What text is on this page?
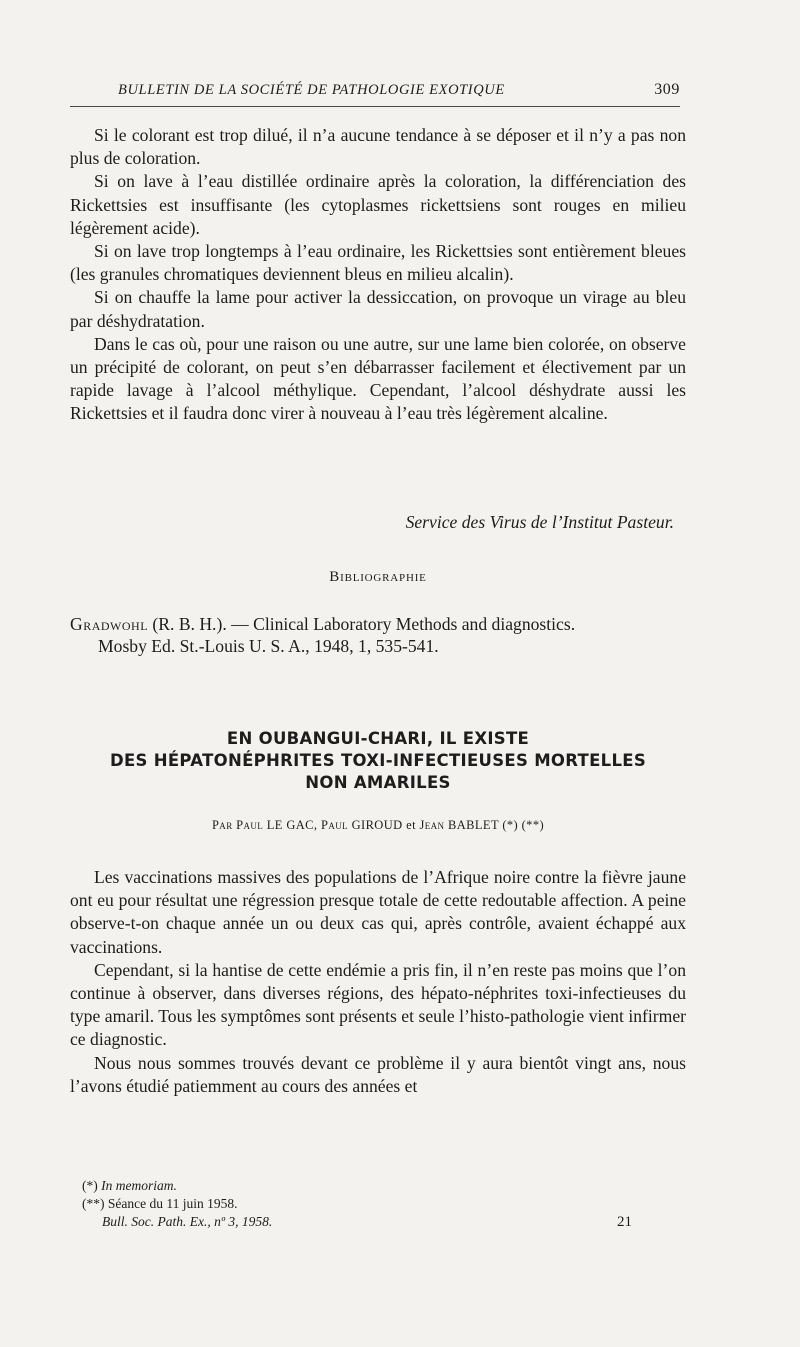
BULLETIN DE LA SOCIÉTÉ DE PATHOLOGIE EXOTIQUE	309

Si le colorant est trop dilué, il n’a aucune tendance à se déposer et il n’y a pas non plus de coloration.

Si on lave à l’eau distillée ordinaire après la coloration, la différenciation des Rickettsies est insuffisante (les cytoplasmes rickettsiens sont rouges en milieu légèrement acide).

Si on lave trop longtemps à l’eau ordinaire, les Rickettsies sont entièrement bleues (les granules chromatiques deviennent bleus en milieu alcalin).

Si on chauffe la lame pour activer la dessiccation, on provoque un virage au bleu par déshydratation.

Dans le cas où, pour une raison ou une autre, sur une lame bien colorée, on observe un précipité de colorant, on peut s’en débarrasser facilement et électivement par un rapide lavage à l’alcool méthylique. Cependant, l’alcool déshydrate aussi les Rickettsies et il faudra donc virer à nouveau à l’eau très légèrement alcaline.

Service des Virus de l’Institut Pasteur.
Bibliographie
Gradwohl (R. B. H.). — Clinical Laboratory Methods and diagnostics.
Mosby Ed. St.-Louis U. S. A., 1948, 1, 535-541.
EN OUBANGUI-CHARI, IL EXISTE
DES HÉPATONÉPHRITES TOXI-INFECTIEUSES MORTELLES
NON AMARILES
Par Paul LE GAC, Paul GIROUD et Jean BABLET (*) (**)

Les vaccinations massives des populations de l’Afrique noire contre la fièvre jaune ont eu pour résultat une régression presque totale de cette redoutable affection. A peine observe-t-on chaque année un ou deux cas qui, après contrôle, avaient échappé aux vaccinations.

Cependant, si la hantise de cette endémie a pris fin, il n’en reste pas moins que l’on continue à observer, dans diverses régions, des hépato-néphrites toxi-infectieuses du type amaril. Tous les symptômes sont présents et seule l’histo-pathologie vient infirmer ce diagnostic.

Nous nous sommes trouvés devant ce problème il y aura bientôt vingt ans, nous l’avons étudié patiemment au cours des années et

(*) In memoriam.
(**) Séance du 11 juin 1958.
Bull. Soc. Path. Ex., nº 3, 1958.	21
